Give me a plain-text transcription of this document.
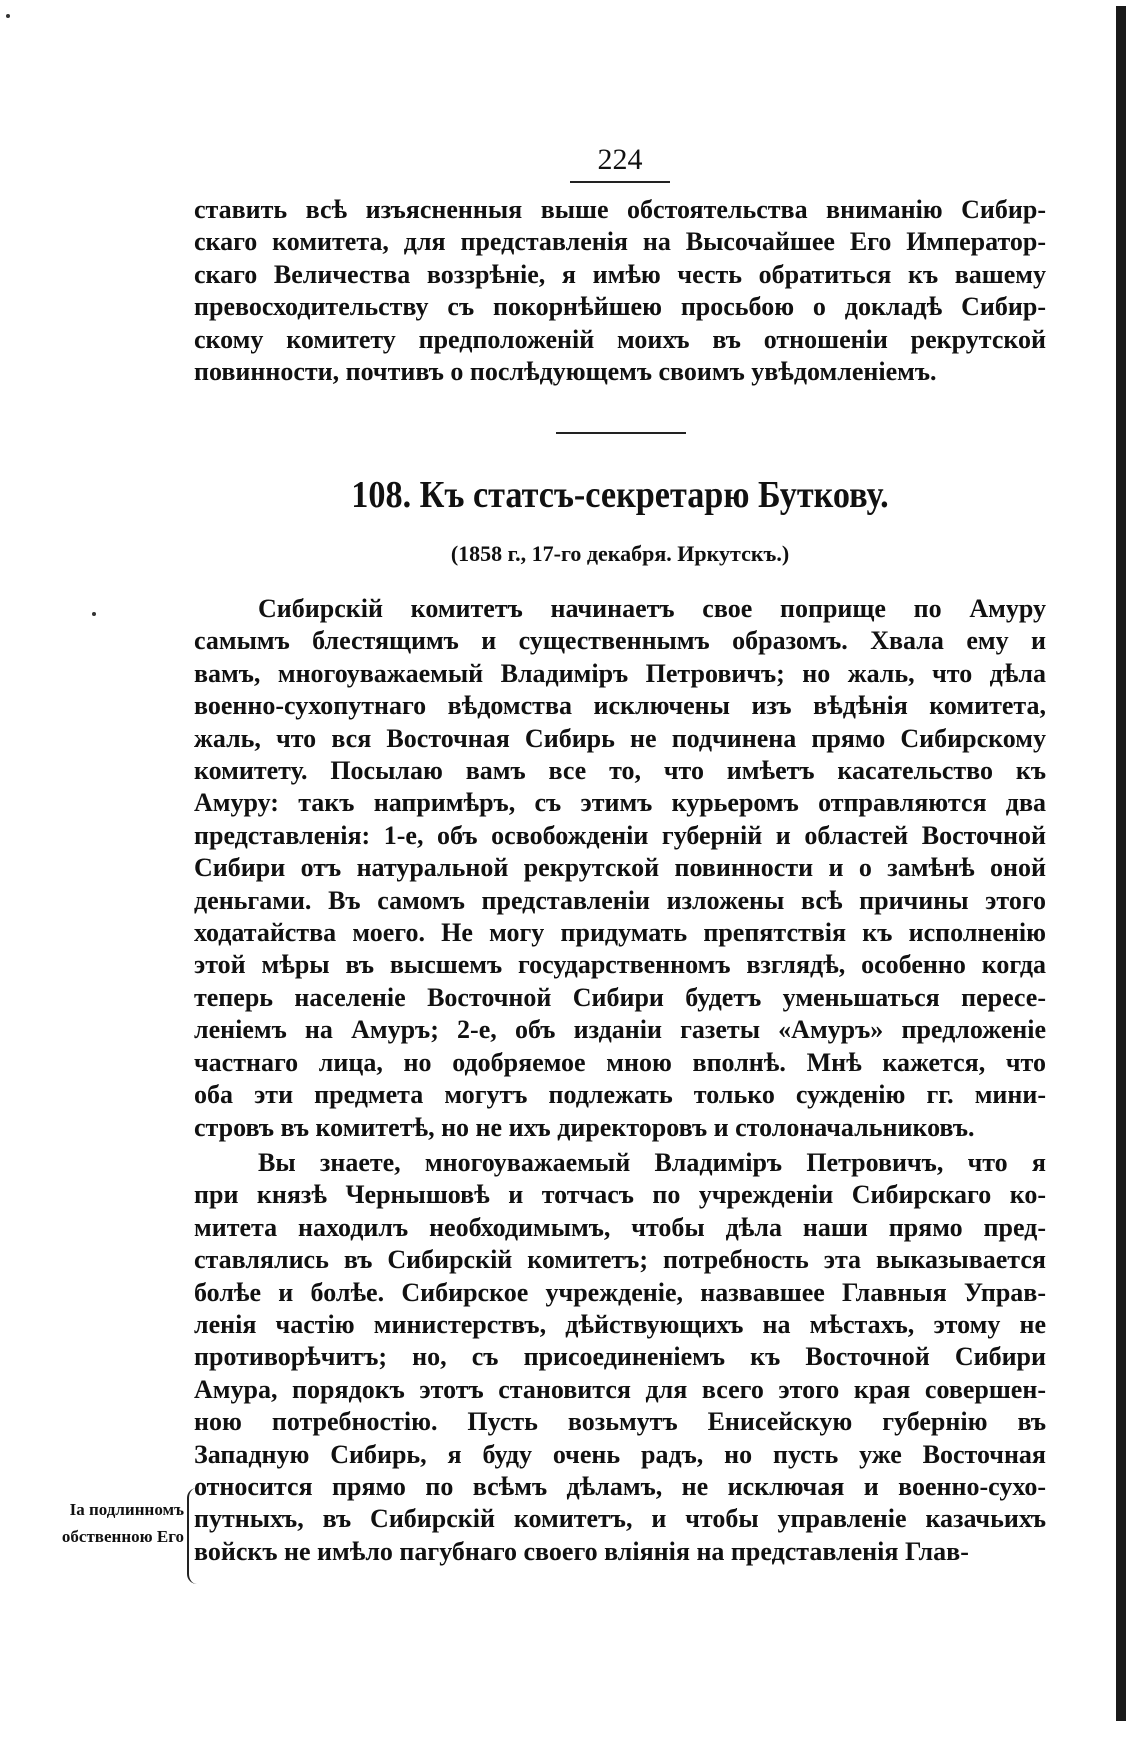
224
ставить всѣ изъясненныя выше обстоятельства вниманію Сибир-
скаго комитета, для представленія на Высочайшее Его Император-
скаго Величества воззрѣніе, я имѣю честь обратиться къ вашему
превосходительству съ покорнѣйшею просьбою о докладѣ Сибир-
скому комитету предположеній моихъ въ отношеніи рекрутской
повинности, почтивъ о послѣдующемъ своимъ увѣдомленіемъ.
108. Къ статсъ-секретарю Буткову.
(1858 г., 17-го декабря. Иркутскъ.)
Сибирскій комитетъ начинаетъ свое поприще по Амуру
самымъ блестящимъ и существеннымъ образомъ. Хвала ему и
вамъ, многоуважаемый Владиміръ Петровичъ; но жаль, что дѣла
военно-сухопутнаго вѣдомства исключены изъ вѣдѣнія комитета,
жаль, что вся Восточная Сибирь не подчинена прямо Сибирскому
комитету. Посылаю вамъ все то, что имѣетъ касательство къ
Амуру: такъ напримѣръ, съ этимъ курьеромъ отправляются два
представленія: 1-е, объ освобожденіи губерній и областей Восточной
Сибири отъ натуральной рекрутской повинности и о замѣнѣ оной
деньгами. Въ самомъ представленіи изложены всѣ причины этого
ходатайства моего. Не могу придумать препятствія къ исполненію
этой мѣры въ высшемъ государственномъ взглядѣ, особенно когда
теперь населеніе Восточной Сибири будетъ уменьшаться пересе-
леніемъ на Амуръ; 2-е, объ изданіи газеты «Амуръ» предложеніе
частнаго лица, но одобряемое мною вполнѣ. Мнѣ кажется, что
оба эти предмета могутъ подлежать только сужденію гг. мини-
стровъ въ комитетѣ, но не ихъ директоровъ и столоначальниковъ.
Вы знаете, многоуважаемый Владиміръ Петровичъ, что я
при князѣ Чернышовѣ и тотчасъ по учрежденіи Сибирскаго ко-
митета находилъ необходимымъ, чтобы дѣла наши прямо пред-
ставлялись въ Сибирскій комитетъ; потребность эта выказывается
болѣе и болѣе. Сибирское учрежденіе, назвавшее Главныя Управ-
ленія частію министерствъ, дѣйствующихъ на мѣстахъ, этому не
противорѣчитъ; но, съ присоединеніемъ къ Восточной Сибири
Амура, порядокъ этотъ становится для всего этого края совершен-
ною потребностію. Пусть возьмутъ Енисейскую губернію въ
Западную Сибирь, я буду очень радъ, но пусть уже Восточная
относится прямо по всѣмъ дѣламъ, не исключая и военно-сухо-
путныхъ, въ Сибирскій комитетъ, и чтобы управленіе казачьихъ
войскъ не имѣло пагубнаго своего вліянія на представленія Глав-
Іа подлинномъ
обственною Его
